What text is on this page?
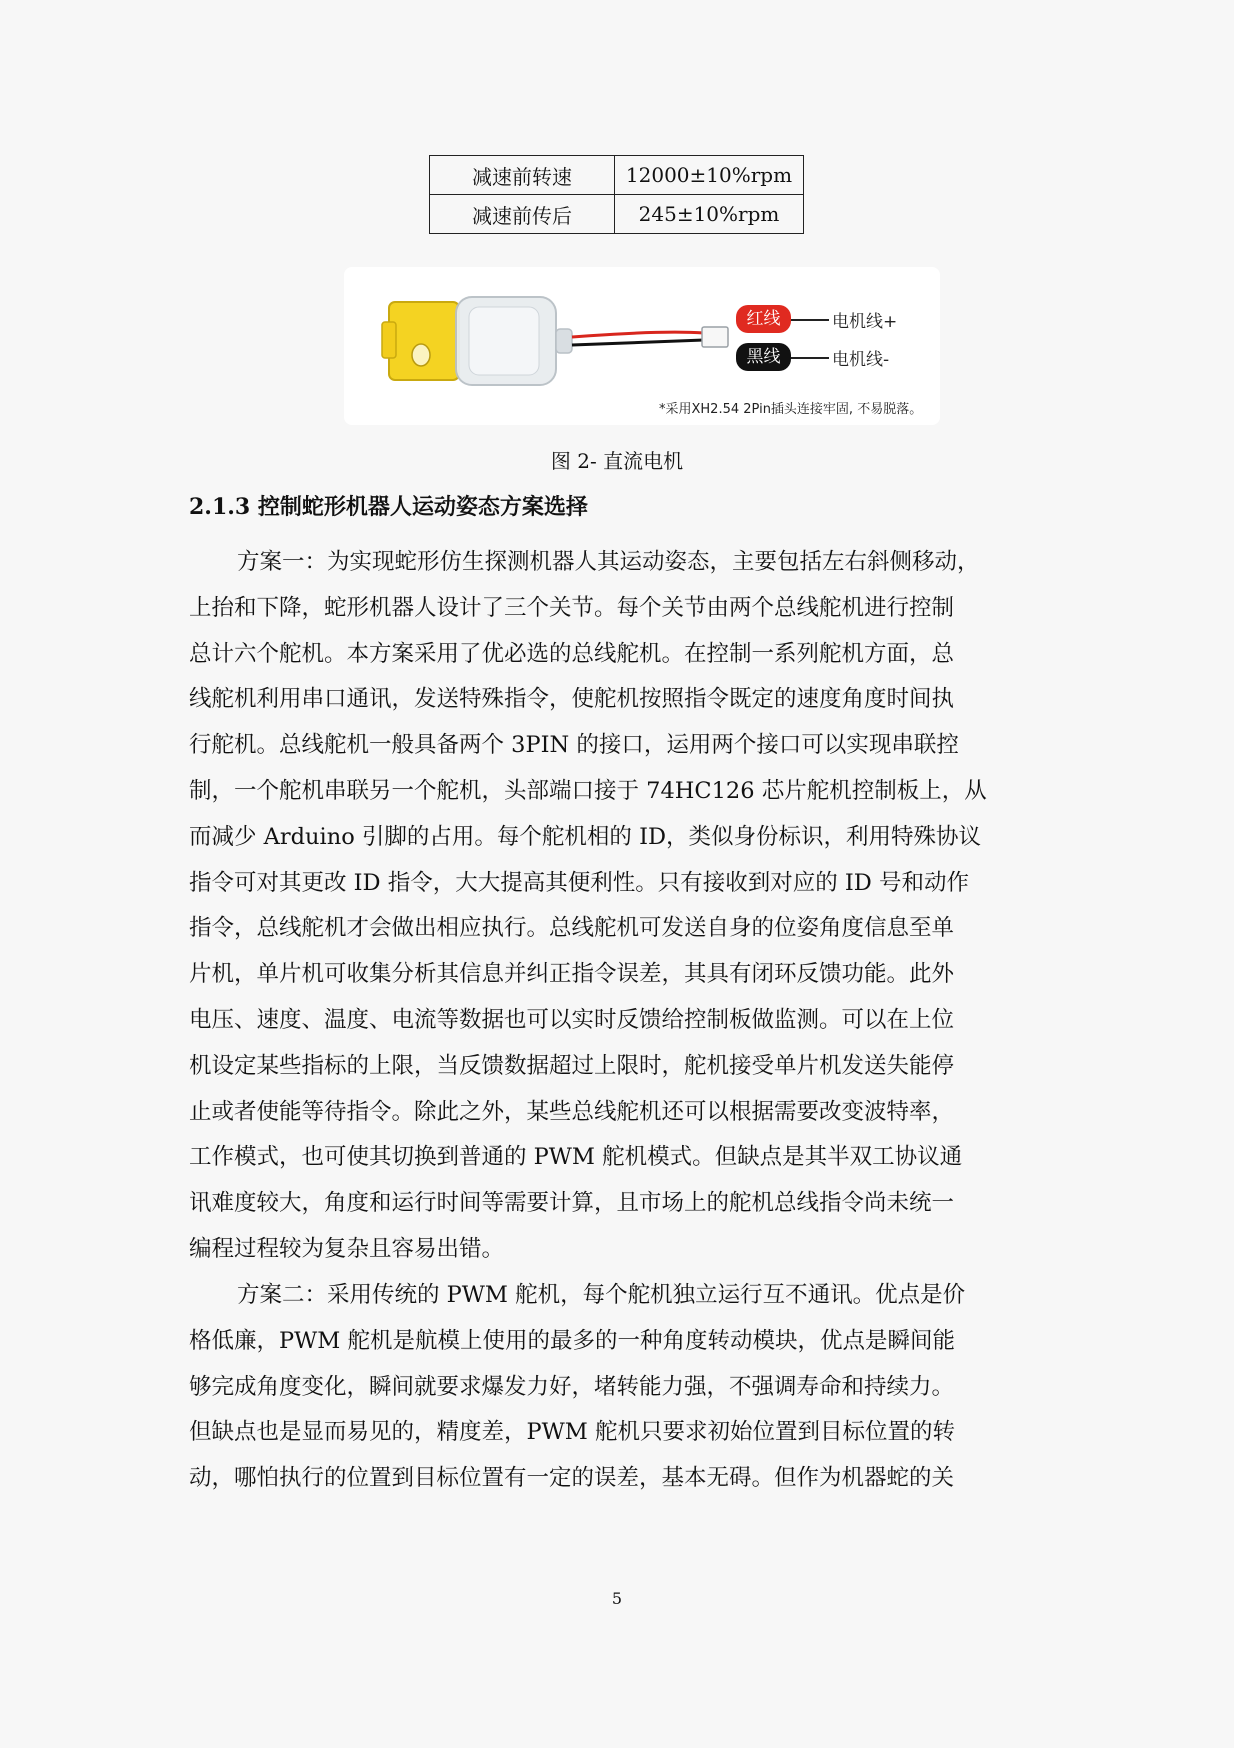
减速前转速	12000±10%rpm
减速前传后	245±10%rpm
红线	电机线+
黑线	电机线-
*采用XH2.54 2Pin插头连接牢固, 不易脱落。
图 2- 直流电机
2.1.3 控制蛇形机器人运动姿态方案选择

方案一：为实现蛇形仿生探测机器人其运动姿态，主要包括左右斜侧移动，
上抬和下降，蛇形机器人设计了三个关节。每个关节由两个总线舵机进行控制
总计六个舵机。本方案采用了优必选的总线舵机。在控制一系列舵机方面，总
线舵机利用串口通讯，发送特殊指令，使舵机按照指令既定的速度角度时间执
行舵机。总线舵机一般具备两个 3PIN 的接口，运用两个接口可以实现串联控
制，一个舵机串联另一个舵机，头部端口接于 74HC126 芯片舵机控制板上，从
而减少 Arduino 引脚的占用。每个舵机相的 ID，类似身份标识，利用特殊协议
指令可对其更改 ID 指令，大大提高其便利性。只有接收到对应的 ID 号和动作
指令，总线舵机才会做出相应执行。总线舵机可发送自身的位姿角度信息至单
片机，单片机可收集分析其信息并纠正指令误差，其具有闭环反馈功能。此外
电压、速度、温度、电流等数据也可以实时反馈给控制板做监测。可以在上位
机设定某些指标的上限，当反馈数据超过上限时，舵机接受单片机发送失能停
止或者使能等待指令。除此之外，某些总线舵机还可以根据需要改变波特率，
工作模式，也可使其切换到普通的 PWM 舵机模式。但缺点是其半双工协议通
讯难度较大，角度和运行时间等需要计算，且市场上的舵机总线指令尚未统一
编程过程较为复杂且容易出错。

方案二：采用传统的 PWM 舵机，每个舵机独立运行互不通讯。优点是价
格低廉，PWM 舵机是航模上使用的最多的一种角度转动模块，优点是瞬间能
够完成角度变化，瞬间就要求爆发力好，堵转能力强，不强调寿命和持续力。
但缺点也是显而易见的，精度差，PWM 舵机只要求初始位置到目标位置的转
动，哪怕执行的位置到目标位置有一定的误差，基本无碍。但作为机器蛇的关

5
